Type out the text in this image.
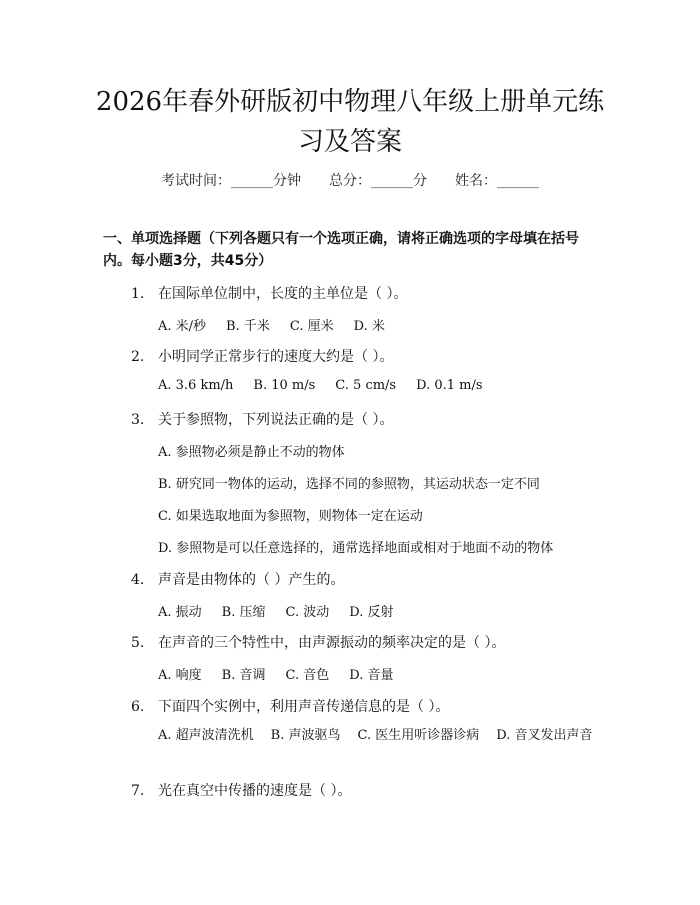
2026年春外研版初中物理八年级上册单元练习及答案
考试时间：______分钟 总分：______分 姓名：______
一、单项选择题（下列各题只有一个选项正确，请将正确选项的字母填在括号内。每小题3分，共45分）
1. 在国际单位制中，长度的主单位是（ ）。
A. 米/秒 B. 千米 C. 厘米 D. 米
2. 小明同学正常步行的速度大约是（ ）。
A. 3.6 km/h B. 10 m/s C. 5 cm/s D. 0.1 m/s
3. 关于参照物，下列说法正确的是（ ）。
A. 参照物必须是静止不动的物体
B. 研究同一物体的运动，选择不同的参照物，其运动状态一定不同
C. 如果选取地面为参照物，则物体一定在运动
D. 参照物是可以任意选择的，通常选择地面或相对于地面不动的物体
4. 声音是由物体的（ ）产生的。
A. 振动 B. 压缩 C. 波动 D. 反射
5. 在声音的三个特性中，由声源振动的频率决定的是（ ）。
A. 响度 B. 音调 C. 音色 D. 音量
6. 下面四个实例中，利用声音传递信息的是（ ）。
A. 超声波清洗机 B. 声波驱鸟 C. 医生用听诊器诊病 D. 音叉发出声音
7. 光在真空中传播的速度是（ ）。
